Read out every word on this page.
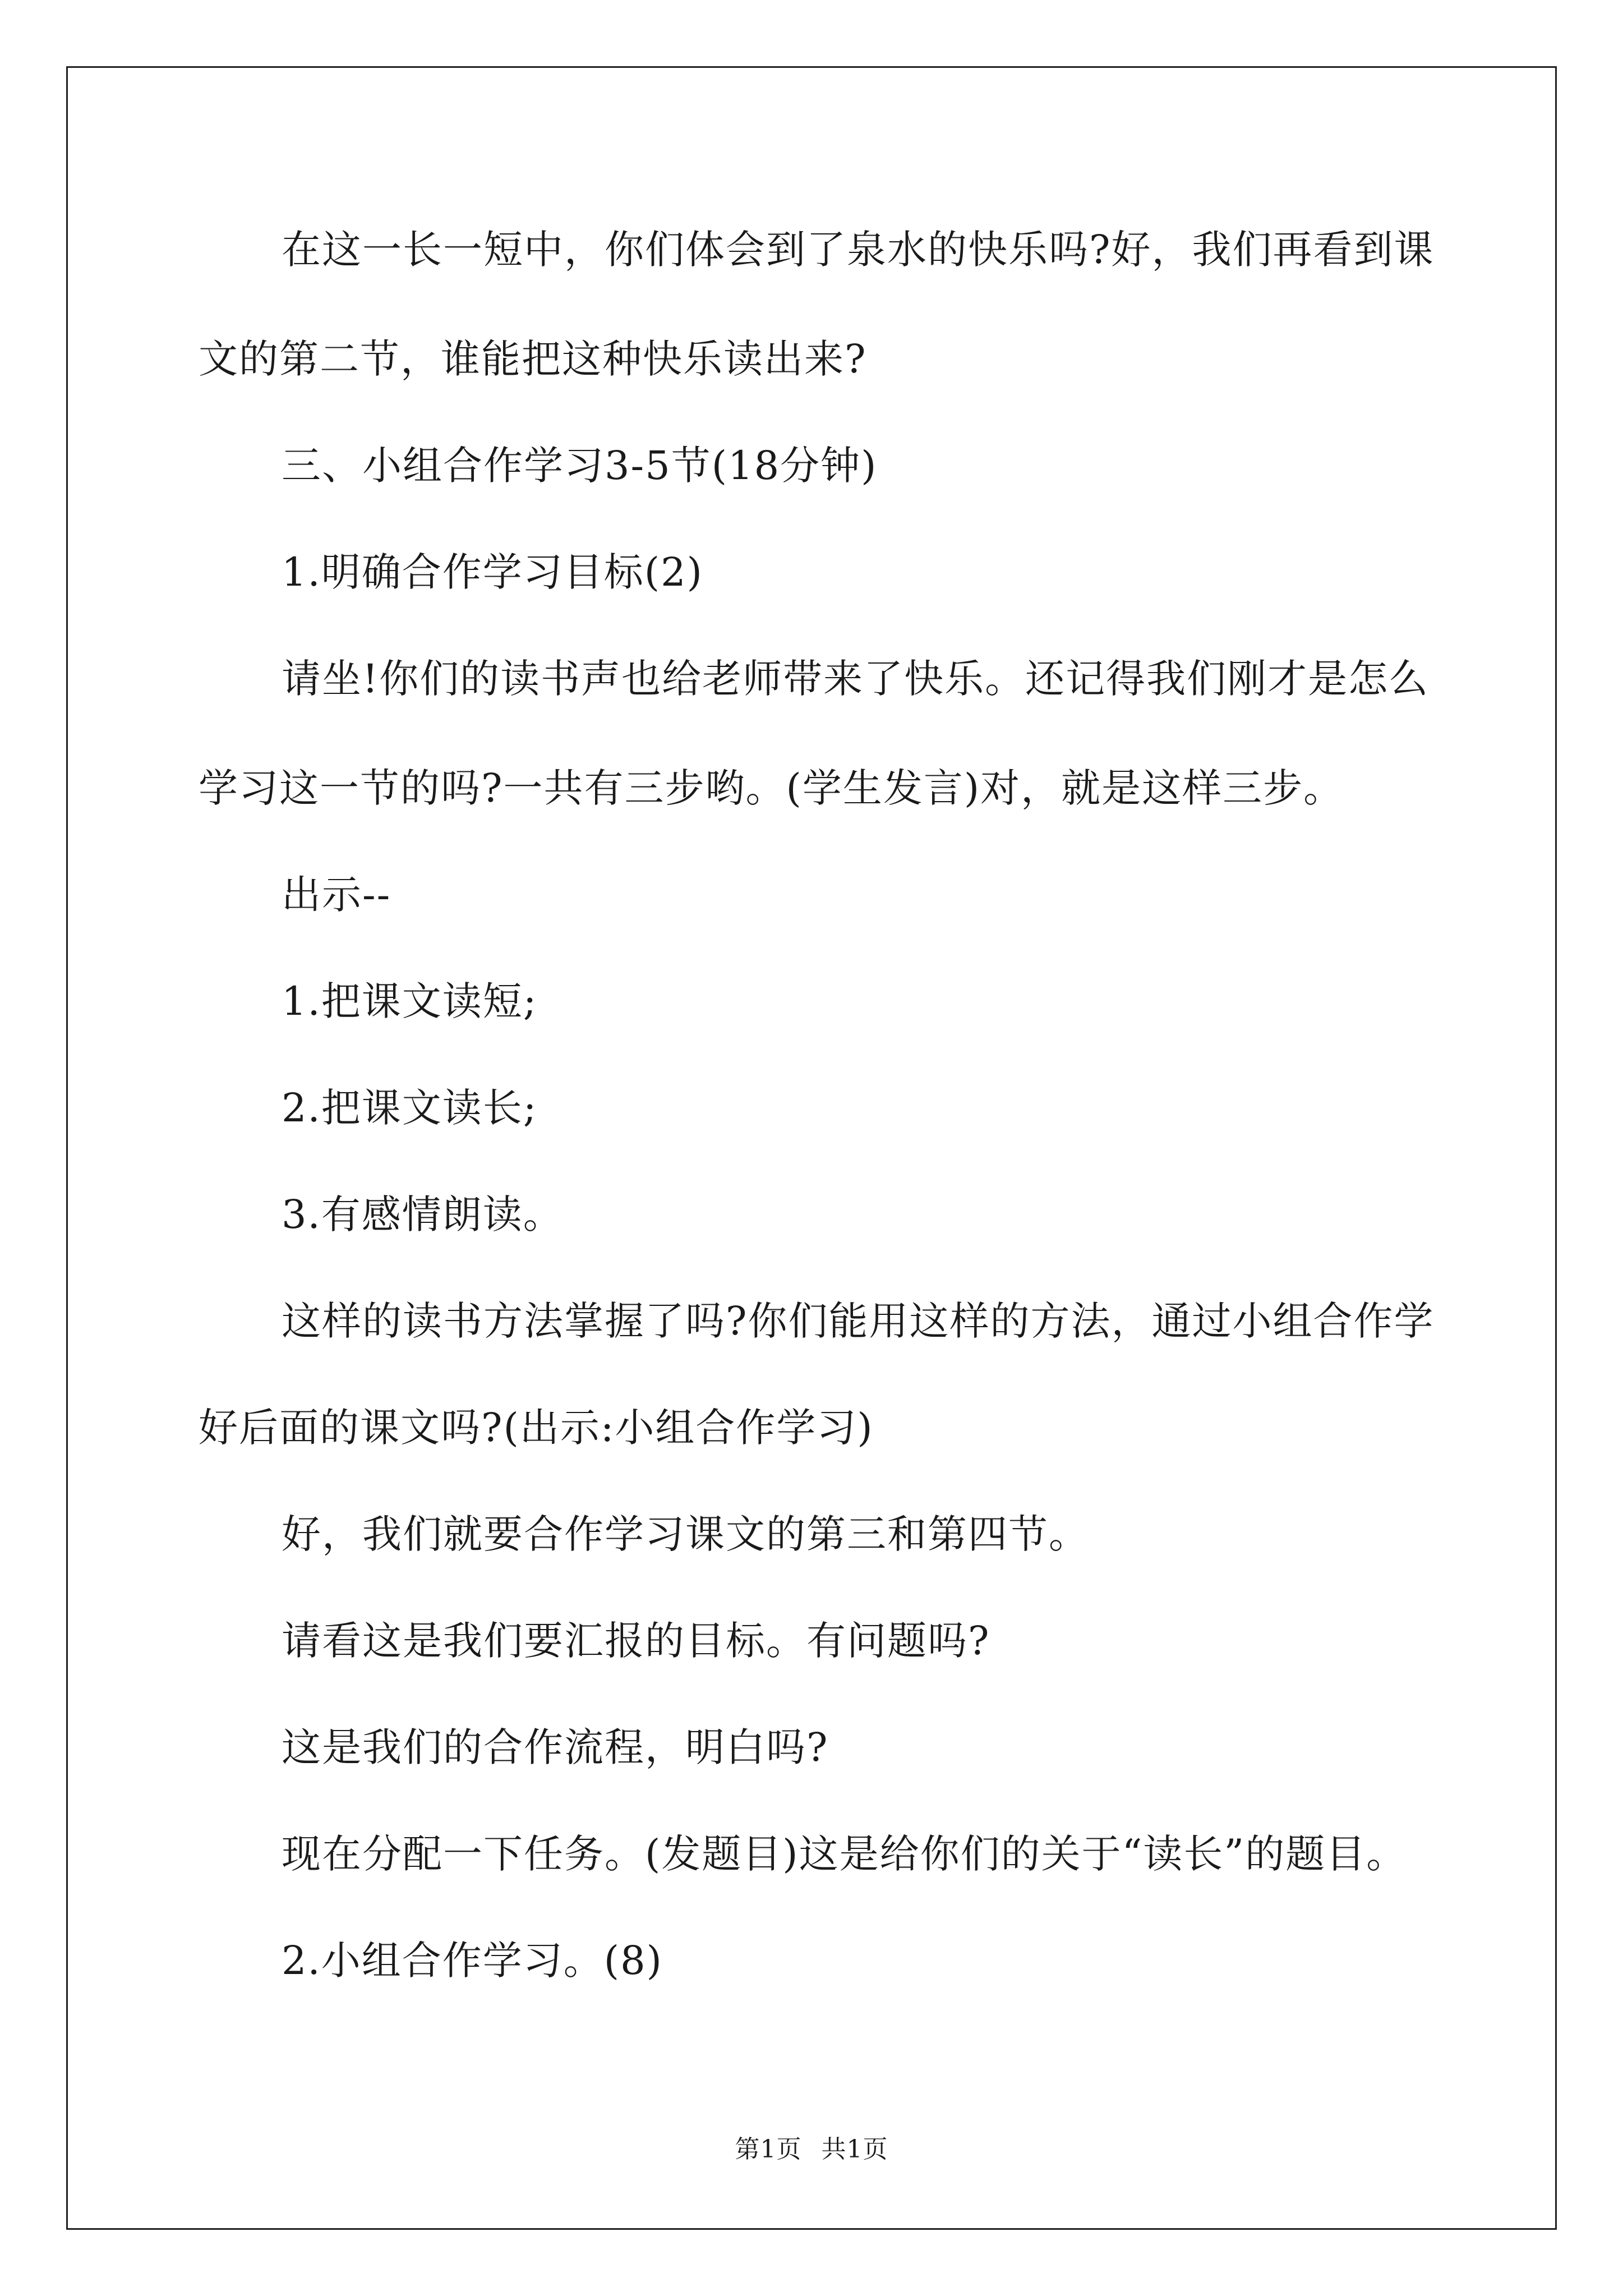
在这一长一短中，你们体会到了泉水的快乐吗?好，我们再看到课
文的第二节，谁能把这种快乐读出来?
三、小组合作学习3-5节(18分钟)
1.明确合作学习目标(2)
请坐!你们的读书声也给老师带来了快乐。还记得我们刚才是怎么
学习这一节的吗?一共有三步哟。(学生发言)对，就是这样三步。
出示--
1.把课文读短;
2.把课文读长;
3.有感情朗读。
这样的读书方法掌握了吗?你们能用这样的方法，通过小组合作学
好后面的课文吗?(出示:小组合作学习)
好，我们就要合作学习课文的第三和第四节。
请看这是我们要汇报的目标。有问题吗?
这是我们的合作流程，明白吗?
现在分配一下任务。(发题目)这是给你们的关于“读长”的题目。
2.小组合作学习。(8)
第1页 共1页
